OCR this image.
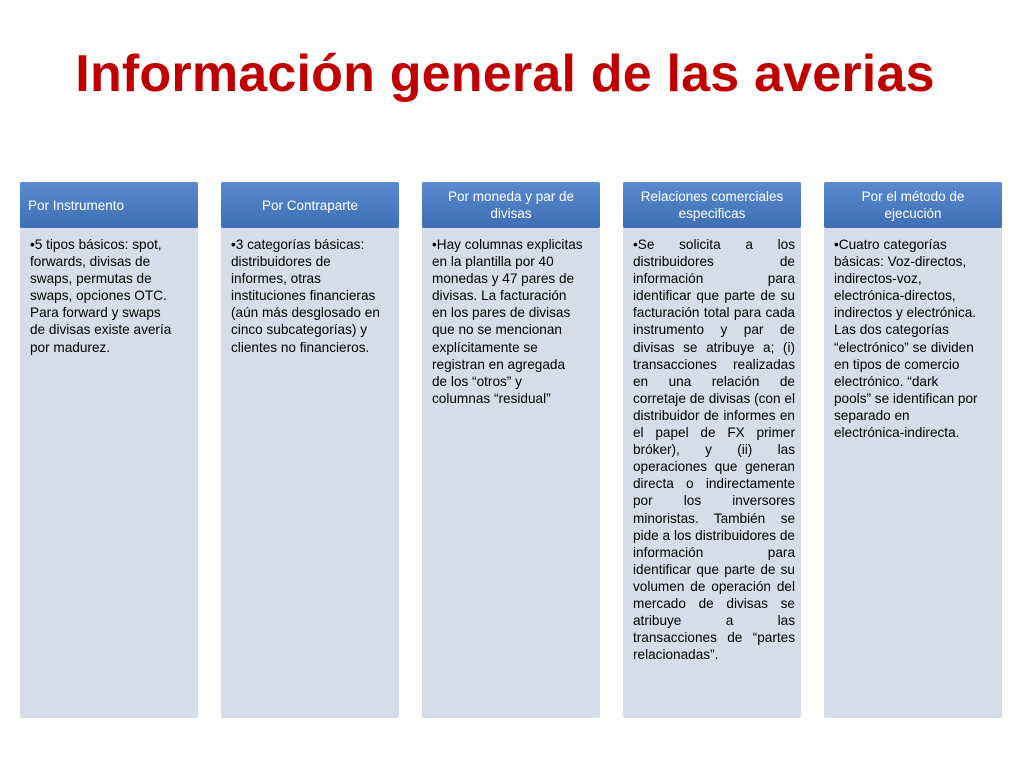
Información general de las averias
Por Instrumento
•5 tipos básicos: spot,
forwards, divisas de
swaps, permutas de
swaps, opciones OTC.
Para forward y swaps
de divisas existe avería
por madurez.
Por Contraparte
•3 categorías básicas:
distribuidores de
informes, otras
instituciones financieras
(aún más desglosado en
cinco subcategorías) y
clientes no financieros.
Por moneda y par de divisas
•Hay columnas explicitas
en la plantilla por 40
monedas y 47 pares de
divisas. La facturación
en los pares de divisas
que no se mencionan
explícitamente se
registran en agregada
de los “otros” y
columnas “residual”
Relaciones comerciales especificas
•Se solicita a los distribuidores de información para identificar que parte de su facturación total para cada instrumento y par de divisas se atribuye a; (i) transacciones realizadas en una relación de corretaje de divisas (con el distribuidor de informes en el papel de FX primer bróker), y (ii) las operaciones que generan directa o indirectamente por los inversores minoristas. También se pide a los distribuidores de información para identificar que parte de su volumen de operación del mercado de divisas se atribuye a las transacciones de “partes relacionadas”.
Por el método de ejecución
•Cuatro categorías
básicas: Voz-directos,
indirectos-voz,
electrónica-directos,
indirectos y electrónica.
Las dos categorías
“electrónico” se dividen
en tipos de comercio
electrónico. “dark
pools” se identifican por
separado en
electrónica-indirecta.
